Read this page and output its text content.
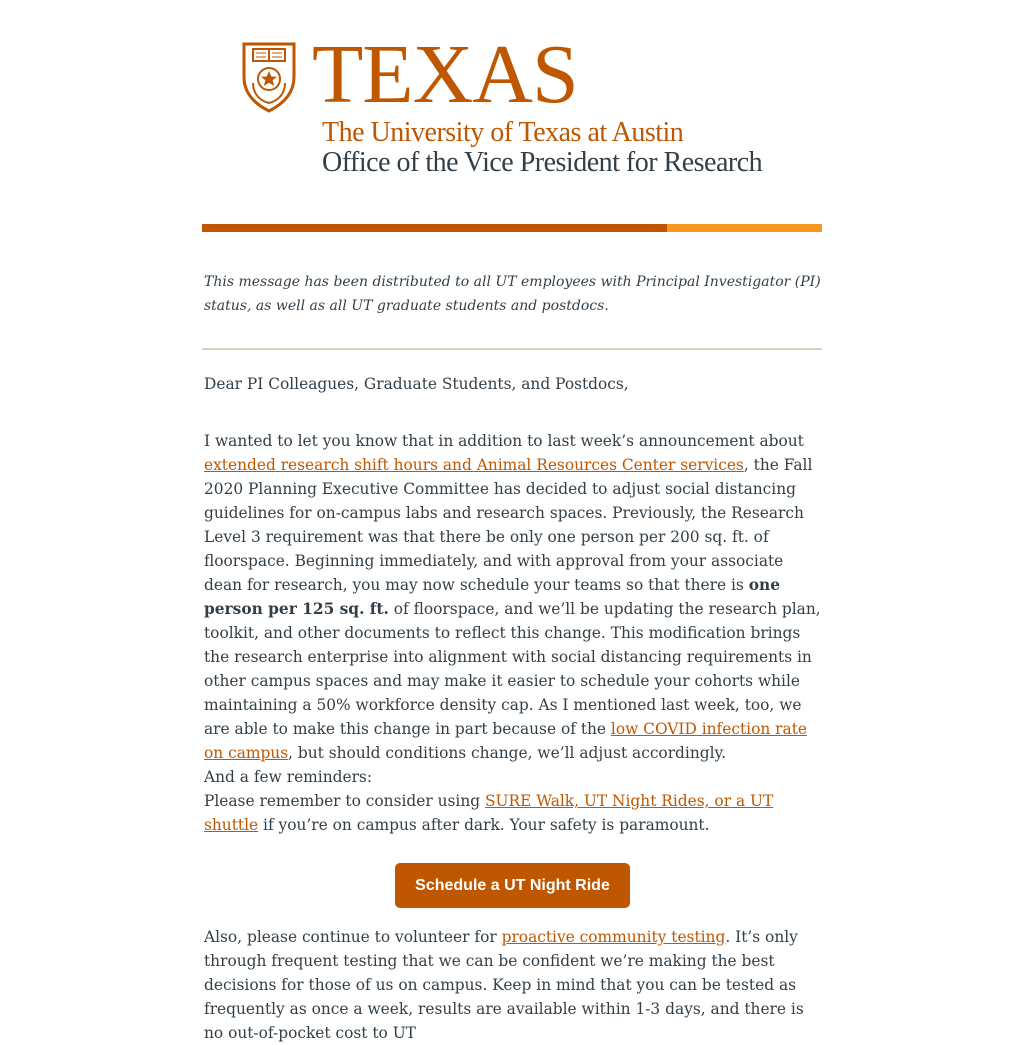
TEXAS
The University of Texas at Austin
Office of the Vice President for Research
This message has been distributed to all UT employees with Principal Investigator (PI) status, as well as all UT graduate students and postdocs.
Dear PI Colleagues, Graduate Students, and Postdocs,
I wanted to let you know that in addition to last week’s announcement about extended research shift hours and Animal Resources Center services, the Fall 2020 Planning Executive Committee has decided to adjust social distancing guidelines for on-campus labs and research spaces. Previously, the Research Level 3 requirement was that there be only one person per 200 sq. ft. of floorspace. Beginning immediately, and with approval from your associate dean for research, you may now schedule your teams so that there is one person per 125 sq. ft. of floorspace, and we’ll be updating the research plan, toolkit, and other documents to reflect this change. This modification brings the research enterprise into alignment with social distancing requirements in other campus spaces and may make it easier to schedule your cohorts while maintaining a 50% workforce density cap. As I mentioned last week, too, we are able to make this change in part because of the low COVID infection rate on campus, but should conditions change, we’ll adjust accordingly.
And a few reminders:
Please remember to consider using SURE Walk, UT Night Rides, or a UT shuttle if you’re on campus after dark. Your safety is paramount.
Schedule a UT Night Ride
Also, please continue to volunteer for proactive community testing. It’s only through frequent testing that we can be confident we’re making the best decisions for those of us on campus. Keep in mind that you can be tested as frequently as once a week, results are available within 1-3 days, and there is no out-of-pocket cost to UT
